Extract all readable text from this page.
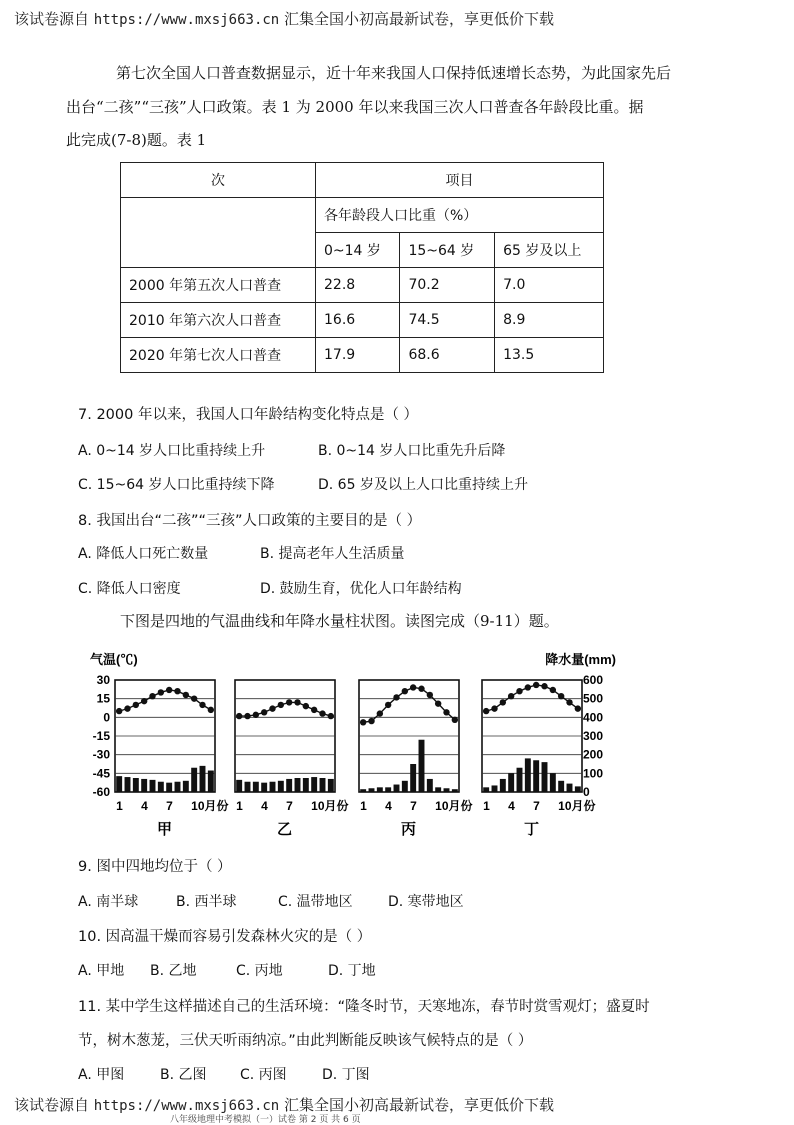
该试卷源自 https://www.mxsj663.cn 汇集全国小初高最新试卷，享更低价下载
第七次全国人口普查数据显示，近十年来我国人口保持低速增长态势，为此国家先后
出台“二孩”“三孩”人口政策。表 1 为 2000 年以来我国三次人口普查各年龄段比重。据
此完成(7-8)题。表 1
次	项目		
	各年龄段人口比重（%）		
	0~14 岁	15~64 岁	65 岁及以上
2000 年第五次人口普查	22.8	70.2	7.0
2010 年第六次人口普查	16.6	74.5	8.9
2020 年第七次人口普查	17.9	68.6	13.5
7. 2000 年以来，我国人口年龄结构变化特点是（ ）
A. 0~14 岁人口比重持续上升	B. 0~14 岁人口比重先升后降
C. 15~64 岁人口比重持续下降	D. 65 岁及以上人口比重持续上升
8. 我国出台“二孩”“三孩”人口政策的主要目的是（ ）
A. 降低人口死亡数量	B. 提高老年人生活质量
C. 降低人口密度	D. 鼓励生育，优化人口年龄结构
下图是四地的气温曲线和年降水量柱状图。读图完成（9-11）题。
气温(℃)	降水量(mm)
30
15
0
-15
-30
-45
-60
600
500
400
300
200
100
0
1 4 7 10月份
甲
1 4 7 10月份
乙
1 4 7 10月份
丙
1 4 7 10月份
丁
9. 图中四地均位于（ ）
A. 南半球	B. 西半球	C. 温带地区	D. 寒带地区
10. 因高温干燥而容易引发森林火灾的是（ ）
A. 甲地 B. 乙地	C. 丙地	D. 丁地
11. 某中学生这样描述自己的生活环境：“隆冬时节，天寒地冻，春节时赏雪观灯；盛夏时
节，树木葱茏，三伏天听雨纳凉。”由此判断能反映该气候特点的是（ ）
A. 甲图	B. 乙图 C. 丙图	D. 丁图
该试卷源自 https://www.mxsj663.cn 汇集全国小初高最新试卷，享更低价下载
八年级地理中考模拟（一）试卷 第 2 页 共 6 页
